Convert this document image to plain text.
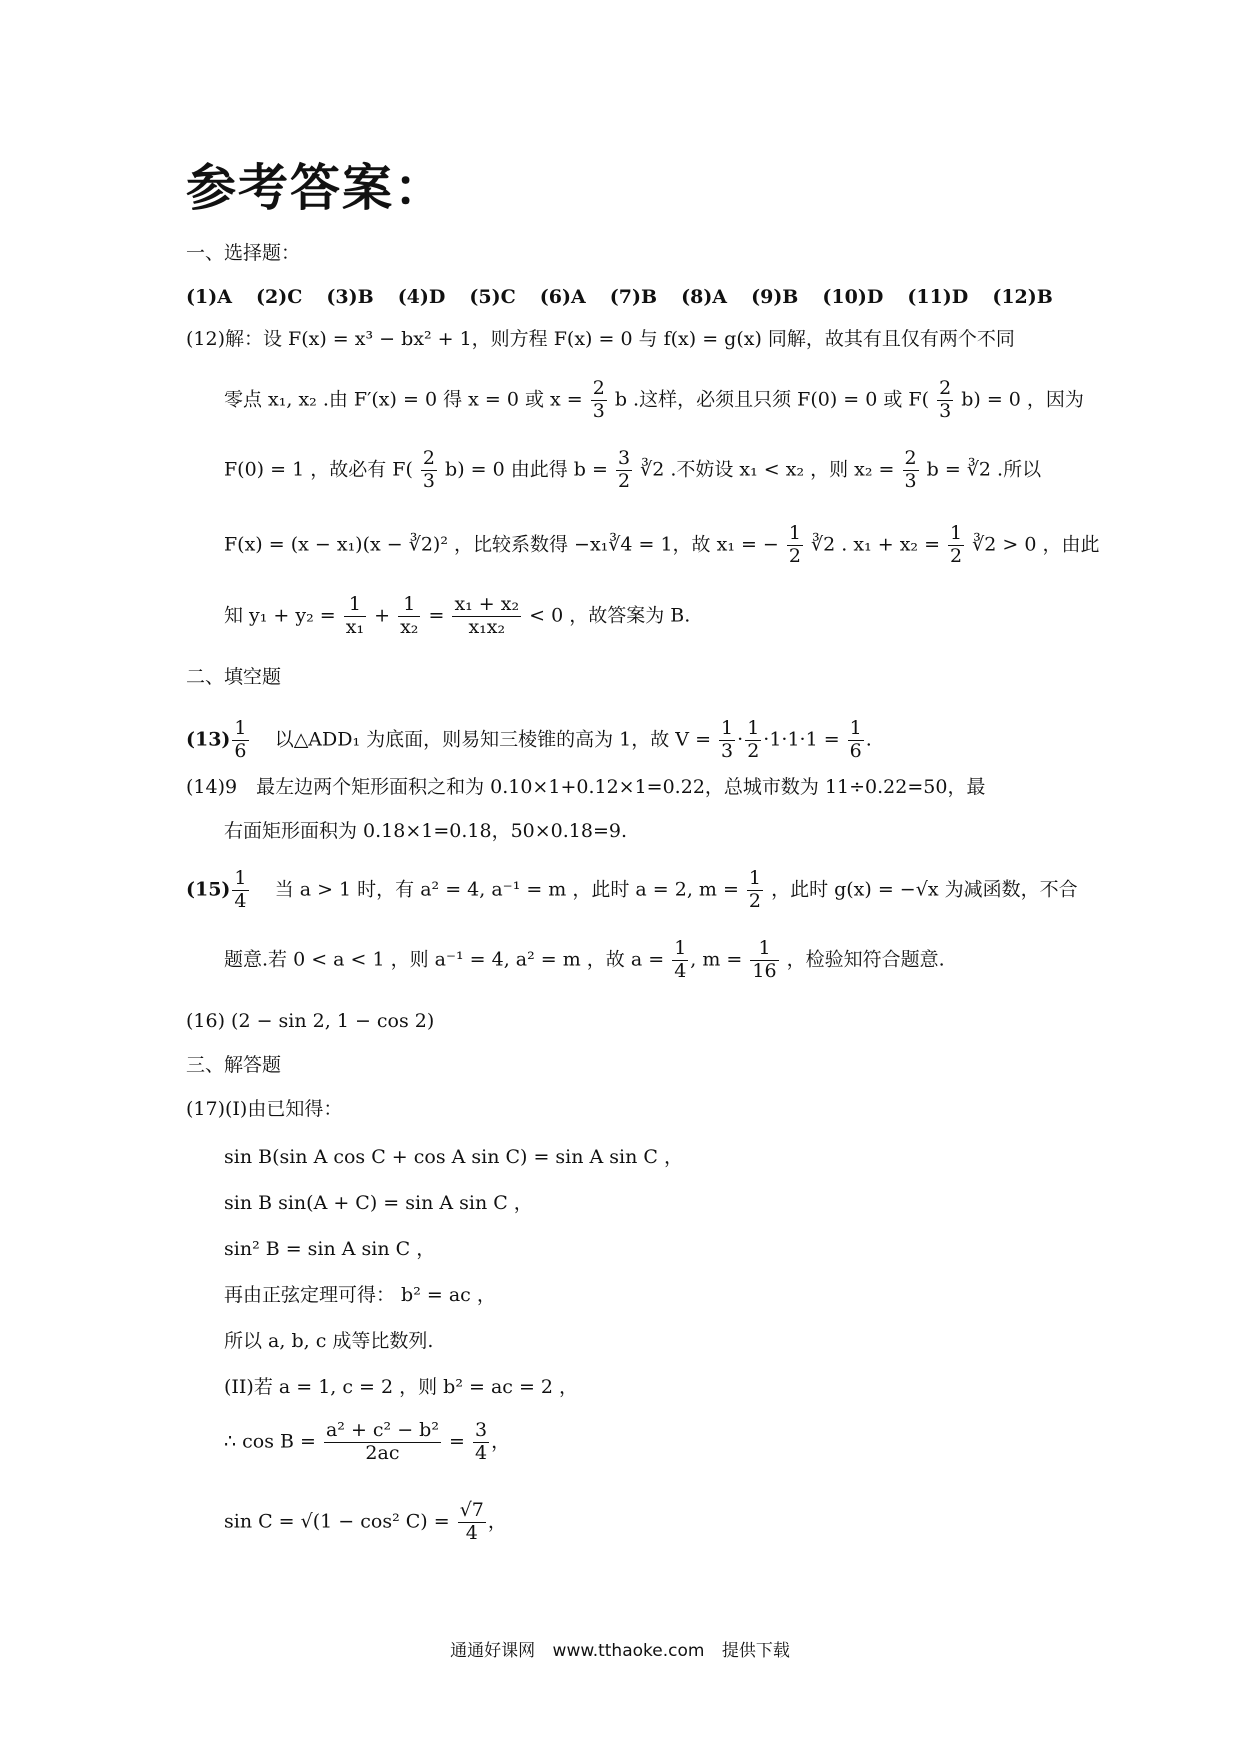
参考答案：
一、选择题：
(1)A (2)C (3)B (4)D (5)C (6)A (7)B (8)A (9)B (10)D (11)D (12)B
(12)解：设 F(x) = x³ − bx² + 1，则方程 F(x) = 0 与 f(x) = g(x) 同解，故其有且仅有两个不同
零点 x₁, x₂ .由 F′(x) = 0 得 x = 0 或 $x = \frac{2}{3}$ b .这样，必须且只须 F(0) = 0 或 $F( \frac{2}{3} b) = 0$ ，因为
F(0) = 1 ，故必有 $F( \frac{2}{3} b) = 0$ 由此得 $b = \frac{3}{2}$ ∛2 .不妨设 x₁ < x₂ ，则 $x_2 = \frac{2}{3}$ b = ∛2 .所以
F(x) = (x − x₁)(x − ∛2)² ，比较系数得 −x₁∛4 = 1，故 x₁ = − $\frac{1}{2}$ ∛2 . $x_1 + x_2 = \frac{1}{2}$ ∛2 > 0 ，由此
知 $y_1 + y_2 = \frac{1}{\text{x₁}} + \frac{1}{\text{x₂}} = \frac{\text{x₁ + x₂}}{\text{x₁x₂}} < 0$ ，故答案为 B.
二、填空题
$(13) \frac{1}{6}$ 以△ADD₁ 为底面，则易知三棱锥的高为 1，故 $V = \frac{1}{3} \cdot \frac{1}{2} \cdot 1\cdot 1\cdot 1 = \frac{1}{6}$ .
(14)9　最左边两个矩形面积之和为 0.10×1+0.12×1=0.22，总城市数为 11÷0.22=50，最
右面矩形面积为 0.18×1=0.18，50×0.18=9.
$(15) \frac{1}{4}$ 当 a > 1 时，有 a² = 4, a⁻¹ = m ，此时 a = 2, $m = \frac{1}{2}$ ，此时 g(x) = −√x 为减函数，不合
题意.若 0 < a < 1 ，则 a⁻¹ = 4, a² = m ，故 $a = \frac{1}{4}$ , $m = \frac{1}{16}$ ，检验知符合题意.
(16) (2 − sin 2, 1 − cos 2)
三、解答题
(17)(I)由已知得：
sin B(sin A cos C + cos A sin C) = sin A sin C ，
sin B sin(A + C) = sin A sin C ，
sin² B = sin A sin C ，
再由正弦定理可得： b² = ac ，
所以 a, b, c 成等比数列.
(II)若 a = 1, c = 2 ，则 b² = ac = 2 ，
∴ $\cos B = \frac{\text{a² + c² − b²}}{2ac} = \frac{3}{4}$ ，
sin C = √(1 − cos² $C) = \frac{√7}{4}$ ，
通通好课网 www.tthaoke.com 提供下载
